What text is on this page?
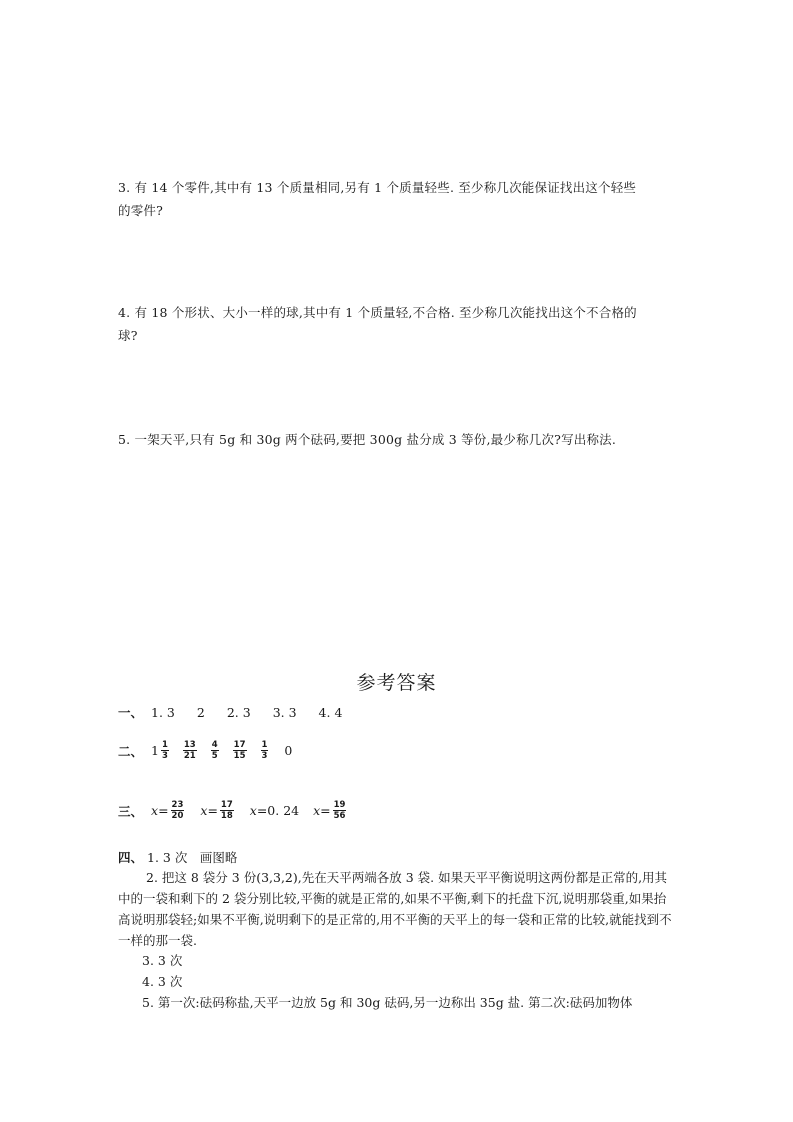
3. 有 14 个零件,其中有 13 个质量相同,另有 1 个质量轻些. 至少称几次能保证找出这个轻些
的零件?
4. 有 18 个形状、大小一样的球,其中有 1 个质量轻,不合格. 至少称几次能找出这个不合格的
球?
5. 一架天平,只有 5g 和 30g 两个砝码,要把 300g 盐分成 3 等份,最少称几次?写出称法.
参考答案
一、 1. 3 2 2. 3 3. 3 4. 4
二、 $1 \frac{1}{3} \frac{13}{21} \frac{4}{5} \frac{17}{15} \frac{1}{3} 0$
三、 $x= \frac{23}{20} x= \frac{17}{18} x= 0$. 24 $x= \frac{19}{56}$
四、 1. 3 次　画图略
2. 把这 8 袋分 3 份(3,3,2),先在天平两端各放 3 袋. 如果天平平衡说明这两份都是正常的,用其中的一袋和剩下的 2 袋分别比较,平衡的就是正常的,如果不平衡,剩下的托盘下沉,说明那袋重,如果抬高说明那袋轻;如果不平衡,说明剩下的是正常的,用不平衡的天平上的每一袋和正常的比较,就能找到不一样的那一袋.
3. 3 次
4. 3 次
5. 第一次:砝码称盐,天平一边放 5g 和 30g 砝码,另一边称出 35g 盐. 第二次:砝码加物体
